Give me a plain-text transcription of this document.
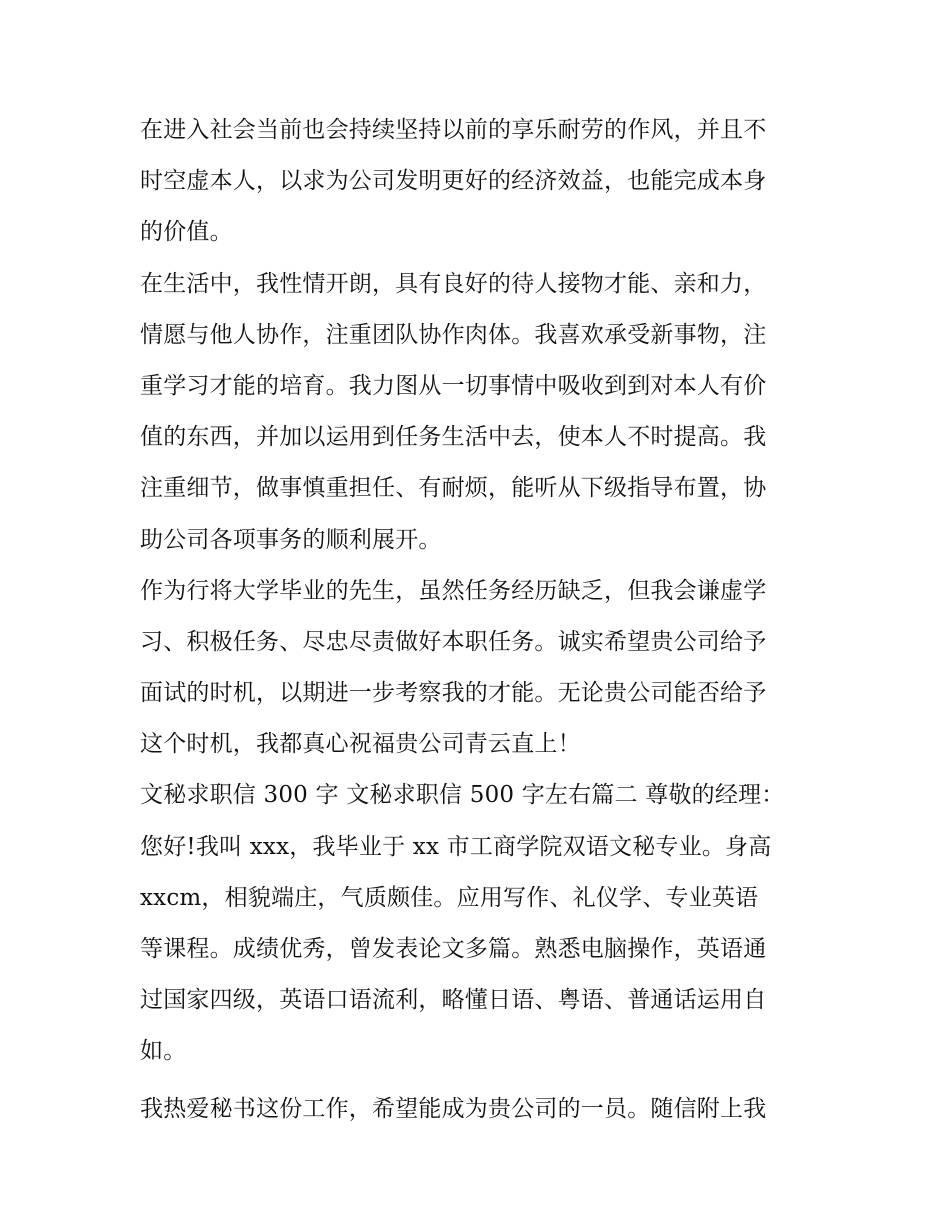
在进入社会当前也会持续坚持以前的享乐耐劳的作风，并且不
时空虚本人，以求为公司发明更好的经济效益，也能完成本身
的价值。
在生活中，我性情开朗，具有良好的待人接物才能、亲和力，
情愿与他人协作，注重团队协作肉体。我喜欢承受新事物，注
重学习才能的培育。我力图从一切事情中吸收到到对本人有价
值的东西，并加以运用到任务生活中去，使本人不时提高。我
注重细节，做事慎重担任、有耐烦，能听从下级指导布置，协
助公司各项事务的顺利展开。
作为行将大学毕业的先生，虽然任务经历缺乏，但我会谦虚学
习、积极任务、尽忠尽责做好本职任务。诚实希望贵公司给予
面试的时机，以期进一步考察我的才能。无论贵公司能否给予
这个时机，我都真心祝福贵公司青云直上！
文秘求职信 300 字 文秘求职信 500 字左右篇二 尊敬的经理：
您好!我叫 xxx，我毕业于 xx 市工商学院双语文秘专业。身高
xxcm，相貌端庄，气质颇佳。应用写作、礼仪学、专业英语
等课程。成绩优秀，曾发表论文多篇。熟悉电脑操作，英语通
过国家四级，英语口语流利，略懂日语、粤语、普通话运用自
如。
我热爱秘书这份工作，希望能成为贵公司的一员。随信附上我
